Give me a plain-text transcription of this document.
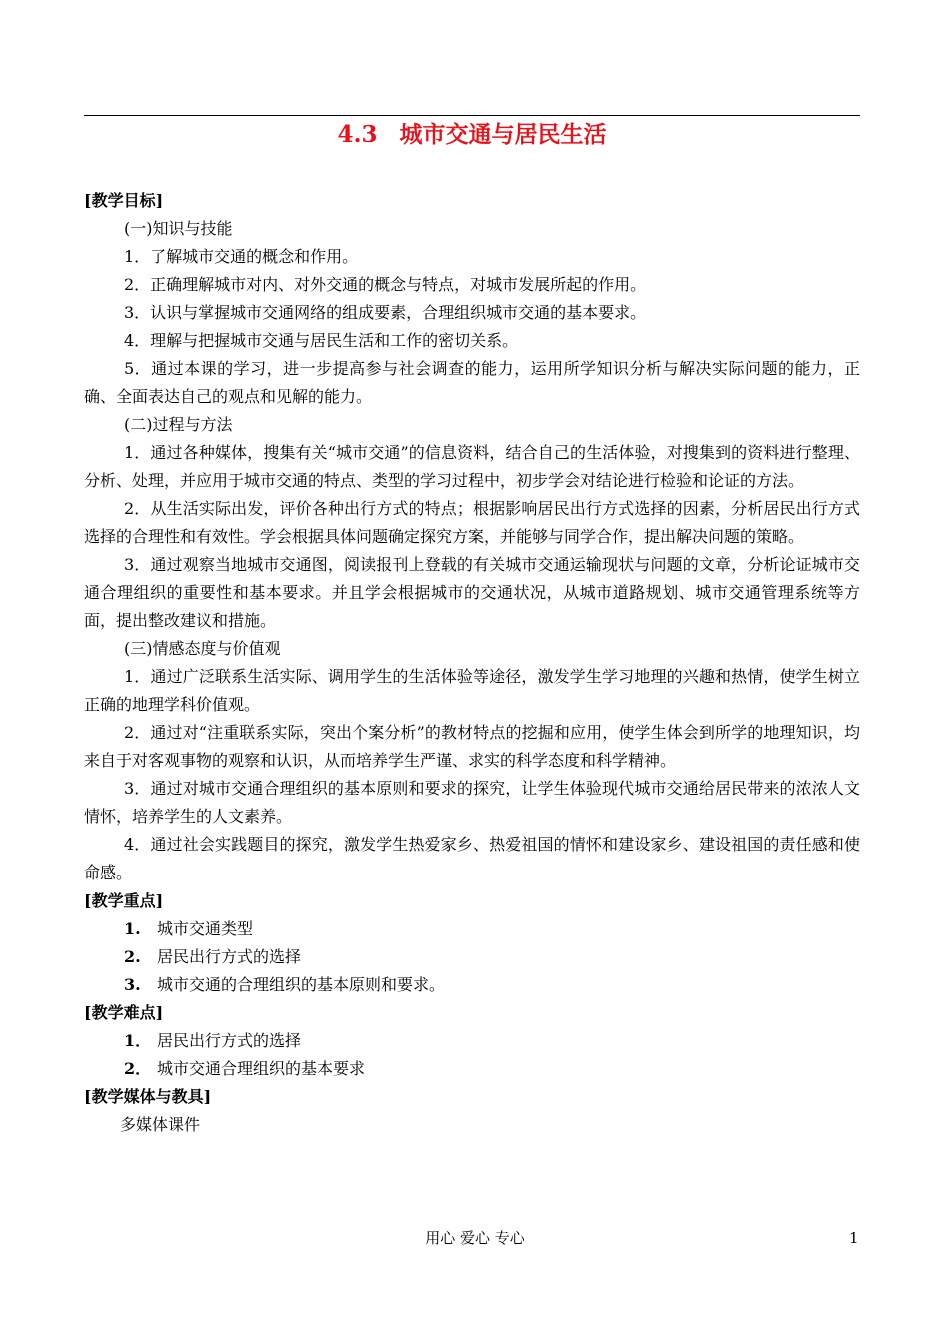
4.3 城市交通与居民生活

[教学目标]

(一)知识与技能

1．了解城市交通的概念和作用。

2．正确理解城市对内、对外交通的概念与特点，对城市发展所起的作用。

3．认识与掌握城市交通网络的组成要素，合理组织城市交通的基本要求。

4．理解与把握城市交通与居民生活和工作的密切关系。

5．通过本课的学习，进一步提高参与社会调查的能力，运用所学知识分析与解决实际问题的能力，正确、全面表达自己的观点和见解的能力。

(二)过程与方法

1．通过各种媒体，搜集有关“城市交通”的信息资料，结合自己的生活体验，对搜集到的资料进行整理、分析、处理，并应用于城市交通的特点、类型的学习过程中，初步学会对结论进行检验和论证的方法。

2．从生活实际出发，评价各种出行方式的特点；根据影响居民出行方式选择的因素，分析居民出行方式选择的合理性和有效性。学会根据具体问题确定探究方案，并能够与同学合作，提出解决问题的策略。

3．通过观察当地城市交通图，阅读报刊上登载的有关城市交通运输现状与问题的文章，分析论证城市交通合理组织的重要性和基本要求。并且学会根据城市的交通状况，从城市道路规划、城市交通管理系统等方面，提出整改建议和措施。

(三)情感态度与价值观

1．通过广泛联系生活实际、调用学生的生活体验等途径，激发学生学习地理的兴趣和热情，使学生树立正确的地理学科价值观。

2．通过对“注重联系实际，突出个案分析”的教材特点的挖掘和应用，使学生体会到所学的地理知识，均来自于对客观事物的观察和认识，从而培养学生严谨、求实的科学态度和科学精神。

3．通过对城市交通合理组织的基本原则和要求的探究，让学生体验现代城市交通给居民带来的浓浓人文情怀，培养学生的人文素养。

4．通过社会实践题目的探究，激发学生热爱家乡、热爱祖国的情怀和建设家乡、建设祖国的责任感和使命感。

[教学重点]

1. 城市交通类型

2. 居民出行方式的选择

3. 城市交通的合理组织的基本原则和要求。

[教学难点]

1． 居民出行方式的选择

2． 城市交通合理组织的基本要求

[教学媒体与教具]

多媒体课件

用心 爱心 专心	1
